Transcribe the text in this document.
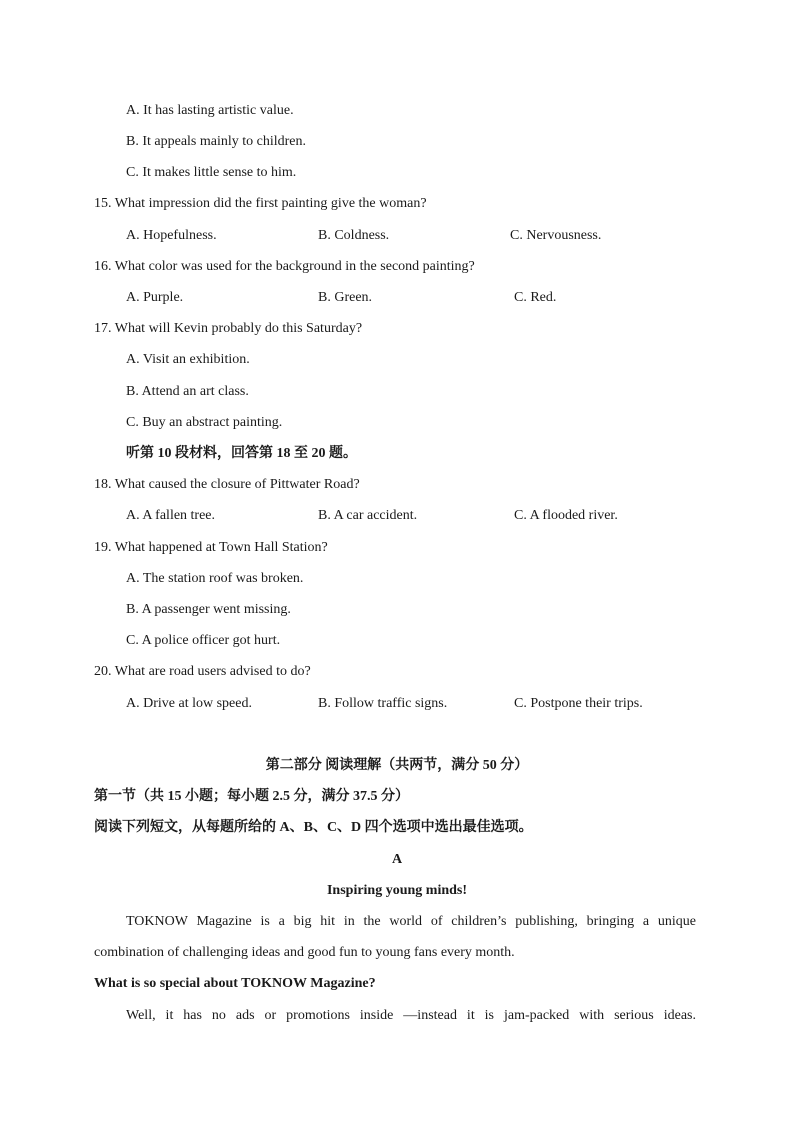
A. It has lasting artistic value.
B. It appeals mainly to children.
C. It makes little sense to him.
15. What impression did the first painting give the woman?
A. Hopefulness.	B. Coldness.	C. Nervousness.
16. What color was used for the background in the second painting?
A. Purple.	B. Green.	C. Red.
17. What will Kevin probably do this Saturday?
A. Visit an exhibition.
B. Attend an art class.
C. Buy an abstract painting.
听第 10 段材料，回答第 18 至 20 题。
18. What caused the closure of Pittwater Road?
A. A fallen tree.	B. A car accident.	C. A flooded river.
19. What happened at Town Hall Station?
A. The station roof was broken.
B. A passenger went missing.
C. A police officer got hurt.
20. What are road users advised to do?
A. Drive at low speed.	B. Follow traffic signs.	C. Postpone their trips.
第二部分 阅读理解（共两节，满分 50 分）
第一节（共 15 小题；每小题 2.5 分，满分 37.5 分）
阅读下列短文，从每题所给的 A、B、C、D 四个选项中选出最佳选项。
A
Inspiring young minds!
TOKNOW Magazine is a big hit in the world of children’s publishing, bringing a unique
combination of challenging ideas and good fun to young fans every month.
What is so special about TOKNOW Magazine?
Well, it has no ads or promotions inside —instead it is jam-packed with serious ideas.
